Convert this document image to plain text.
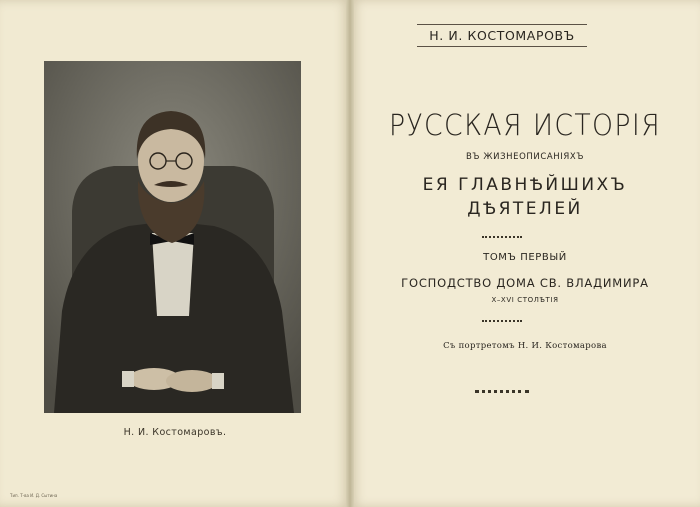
Н. И. Костомаровъ.
Тип. Т-ва И. Д. Сытина
Н. И. КОСТОМАРОВЪ
РУССКАЯ ИСТОРІЯ
ВЪ ЖИЗНЕОПИСАНІЯХЪ
ЕЯ ГЛАВНѢЙШИХЪ
ДѢЯТЕЛЕЙ
ТОМЪ ПЕРВЫЙ
ГОСПОДСТВО ДОМА СВ. ВЛАДИМИРА
X–XVI СТОЛѢТІЯ
Съ портретомъ Н. И. Костомарова
